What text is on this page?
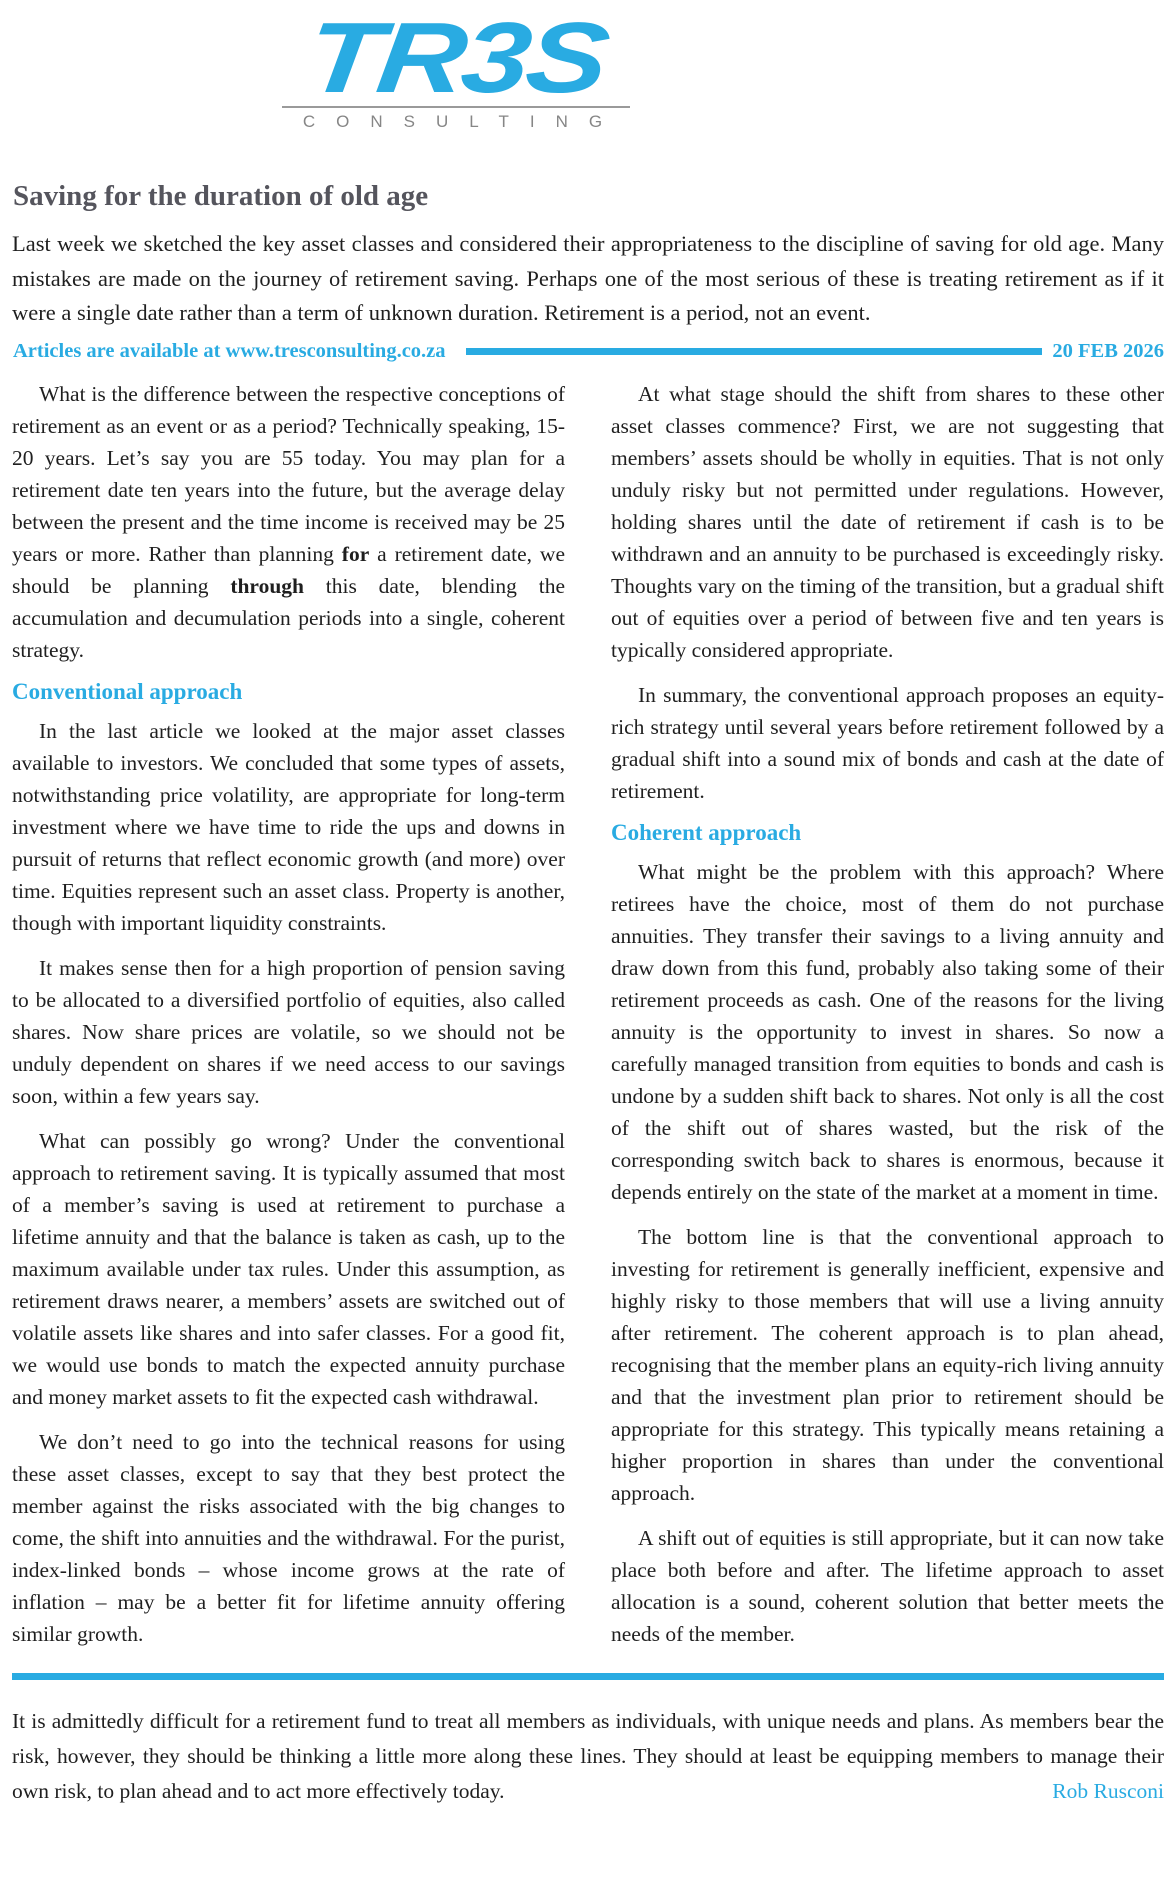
TR3S
CONSULTING
Saving for the duration of old age

Last week we sketched the key asset classes and considered their appropriateness to the discipline of saving for old age. Many mistakes are made on the journey of retirement saving. Perhaps one of the most serious of these is treating retirement as if it were a single date rather than a term of unknown duration. Retirement is a period, not an event.

Articles are available at www.tresconsulting.co.za	20 FEB 2026

What is the difference between the respective conceptions of retirement as an event or as a period? Technically speaking, 15-20 years. Let’s say you are 55 today. You may plan for a retirement date ten years into the future, but the average delay between the present and the time income is received may be 25 years or more. Rather than planning for a retirement date, we should be planning through this date, blending the accumulation and decumulation periods into a single, coherent strategy.

Conventional approach

In the last article we looked at the major asset classes available to investors. We concluded that some types of assets, notwithstanding price volatility, are appropriate for long-term investment where we have time to ride the ups and downs in pursuit of returns that reflect economic growth (and more) over time. Equities represent such an asset class. Property is another, though with important liquidity constraints.

It makes sense then for a high proportion of pension saving to be allocated to a diversified portfolio of equities, also called shares. Now share prices are volatile, so we should not be unduly dependent on shares if we need access to our savings soon, within a few years say.

What can possibly go wrong? Under the conventional approach to retirement saving. It is typically assumed that most of a member’s saving is used at retirement to purchase a lifetime annuity and that the balance is taken as cash, up to the maximum available under tax rules. Under this assumption, as retirement draws nearer, a members’ assets are switched out of volatile assets like shares and into safer classes. For a good fit, we would use bonds to match the expected annuity purchase and money market assets to fit the expected cash withdrawal.

We don’t need to go into the technical reasons for using these asset classes, except to say that they best protect the member against the risks associated with the big changes to come, the shift into annuities and the withdrawal. For the purist, index-linked bonds – whose income grows at the rate of inflation – may be a better fit for lifetime annuity offering similar growth.

At what stage should the shift from shares to these other asset classes commence? First, we are not suggesting that members’ assets should be wholly in equities. That is not only unduly risky but not permitted under regulations. However, holding shares until the date of retirement if cash is to be withdrawn and an annuity to be purchased is exceedingly risky. Thoughts vary on the timing of the transition, but a gradual shift out of equities over a period of between five and ten years is typically considered appropriate.

In summary, the conventional approach proposes an equity-rich strategy until several years before retirement followed by a gradual shift into a sound mix of bonds and cash at the date of retirement.

Coherent approach

What might be the problem with this approach? Where retirees have the choice, most of them do not purchase annuities. They transfer their savings to a living annuity and draw down from this fund, probably also taking some of their retirement proceeds as cash. One of the reasons for the living annuity is the opportunity to invest in shares. So now a carefully managed transition from equities to bonds and cash is undone by a sudden shift back to shares. Not only is all the cost of the shift out of shares wasted, but the risk of the corresponding switch back to shares is enormous, because it depends entirely on the state of the market at a moment in time.

The bottom line is that the conventional approach to investing for retirement is generally inefficient, expensive and highly risky to those members that will use a living annuity after retirement. The coherent approach is to plan ahead, recognising that the member plans an equity-rich living annuity and that the investment plan prior to retirement should be appropriate for this strategy. This typically means retaining a higher proportion in shares than under the conventional approach.

A shift out of equities is still appropriate, but it can now take place both before and after. The lifetime approach to asset allocation is a sound, coherent solution that better meets the needs of the member.

It is admittedly difficult for a retirement fund to treat all members as individuals, with unique needs and plans. As members bear the risk, however, they should be thinking a little more along these lines. They should at least be equipping members to manage their own risk, to plan ahead and to act more effectively today.	Rob Rusconi
